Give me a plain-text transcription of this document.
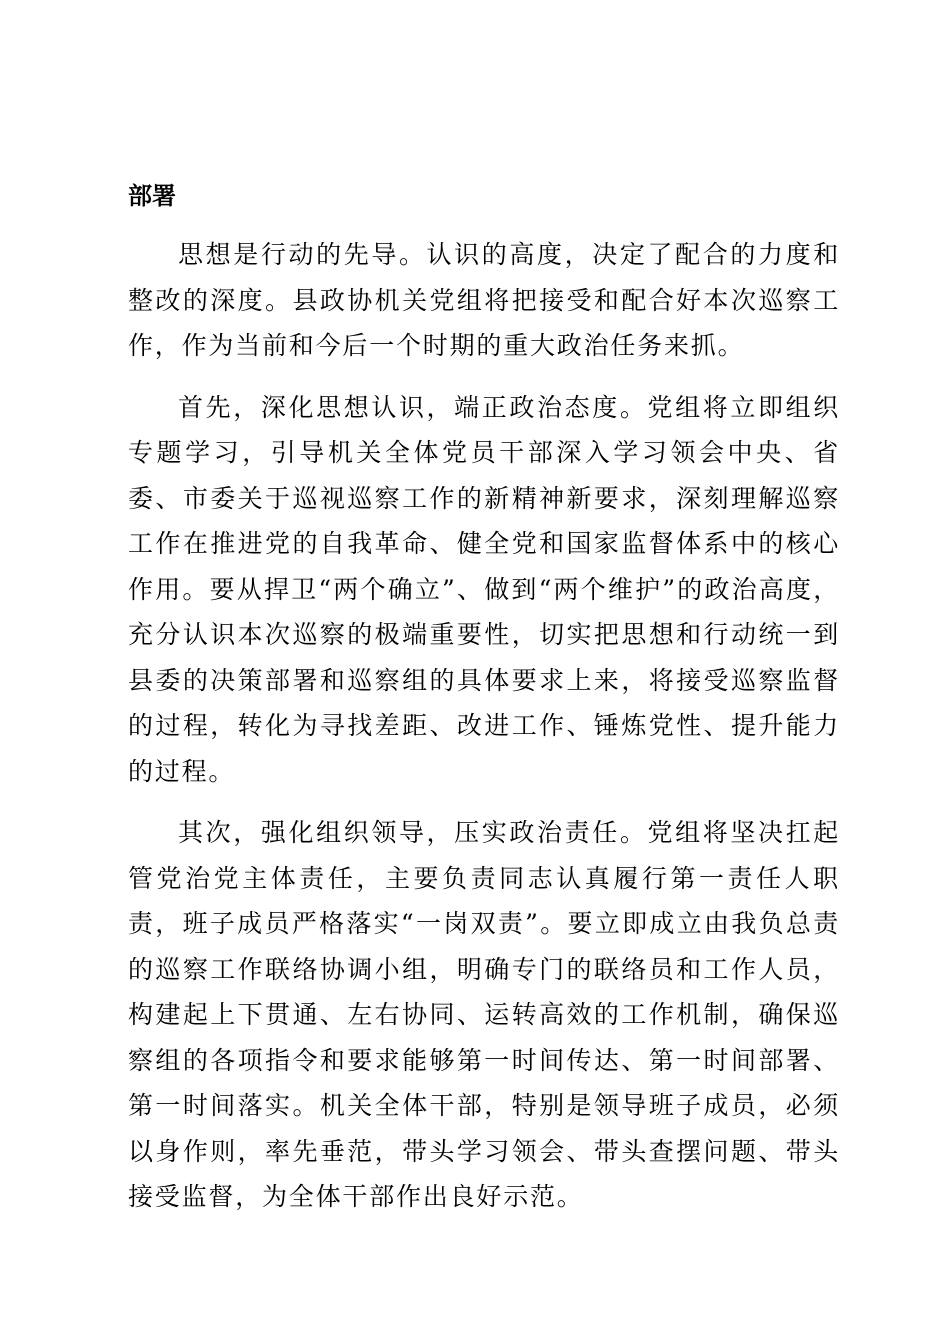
部署

思想是行动的先导。认识的高度，决定了配合的力度和整改的深度。县政协机关党组将把接受和配合好本次巡察工作，作为当前和今后一个时期的重大政治任务来抓。

首先，深化思想认识，端正政治态度。党组将立即组织专题学习，引导机关全体党员干部深入学习领会中央、省委、市委关于巡视巡察工作的新精神新要求，深刻理解巡察工作在推进党的自我革命、健全党和国家监督体系中的核心作用。要从捍卫“两个确立”、做到“两个维护”的政治高度，充分认识本次巡察的极端重要性，切实把思想和行动统一到县委的决策部署和巡察组的具体要求上来，将接受巡察监督的过程，转化为寻找差距、改进工作、锤炼党性、提升能力的过程。

其次，强化组织领导，压实政治责任。党组将坚决扛起管党治党主体责任，主要负责同志认真履行第一责任人职责，班子成员严格落实“一岗双责”。要立即成立由我负总责的巡察工作联络协调小组，明确专门的联络员和工作人员，构建起上下贯通、左右协同、运转高效的工作机制，确保巡察组的各项指令和要求能够第一时间传达、第一时间部署、第一时间落实。机关全体干部，特别是领导班子成员，必须以身作则，率先垂范，带头学习领会、带头查摆问题、带头接受监督，为全体干部作出良好示范。
